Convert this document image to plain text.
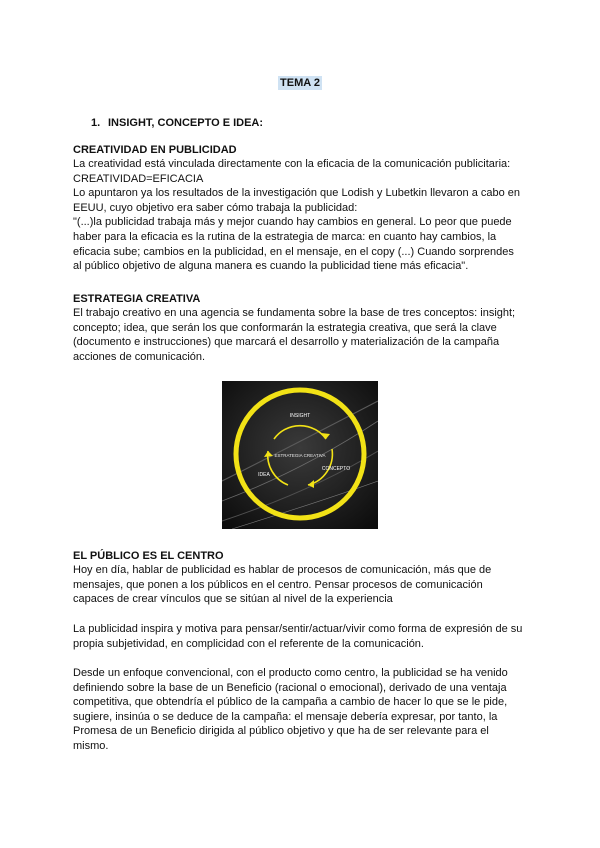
TEMA 2
1. INSIGHT, CONCEPTO E IDEA:

CREATIVIDAD EN PUBLICIDAD

La creatividad está vinculada directamente con la eficacia de la comunicación publicitaria:

CREATIVIDAD=EFICACIA

Lo apuntaron ya los resultados de la investigación que Lodish y Lubetkin llevaron a cabo en

EEUU, cuyo objetivo era saber cómo trabaja la publicidad:

"(...)la publicidad trabaja más y mejor cuando hay cambios en general. Lo peor que puede

haber para la eficacia es la rutina de la estrategia de marca: en cuanto hay cambios, la

eficacia sube; cambios en la publicidad, en el mensaje, en el copy (...) Cuando sorprendes

al público objetivo de alguna manera es cuando la publicidad tiene más eficacia".

ESTRATEGIA CREATIVA

El trabajo creativo en una agencia se fundamenta sobre la base de tres conceptos: insight;

concepto; idea, que serán los que conformarán la estrategia creativa, que será la clave

(documento e instrucciones) que marcará el desarrollo y materialización de la campaña

acciones de comunicación.

INSIGHT
ESTRATEGIA CREATIVA
IDEA
CONCEPTO

EL PÚBLICO ES EL CENTRO

Hoy en día, hablar de publicidad es hablar de procesos de comunicación, más que de

mensajes, que ponen a los públicos en el centro. Pensar procesos de comunicación

capaces de crear vínculos que se sitúan al nivel de la experiencia

La publicidad inspira y motiva para pensar/sentir/actuar/vivir como forma de expresión de su

propia subjetividad, en complicidad con el referente de la comunicación.

Desde un enfoque convencional, con el producto como centro, la publicidad se ha venido

definiendo sobre la base de un Beneficio (racional o emocional), derivado de una ventaja

competitiva, que obtendría el público de la campaña a cambio de hacer lo que se le pide,

sugiere, insinúa o se deduce de la campaña: el mensaje debería expresar, por tanto, la

Promesa de un Beneficio dirigida al público objetivo y que ha de ser relevante para el

mismo.
